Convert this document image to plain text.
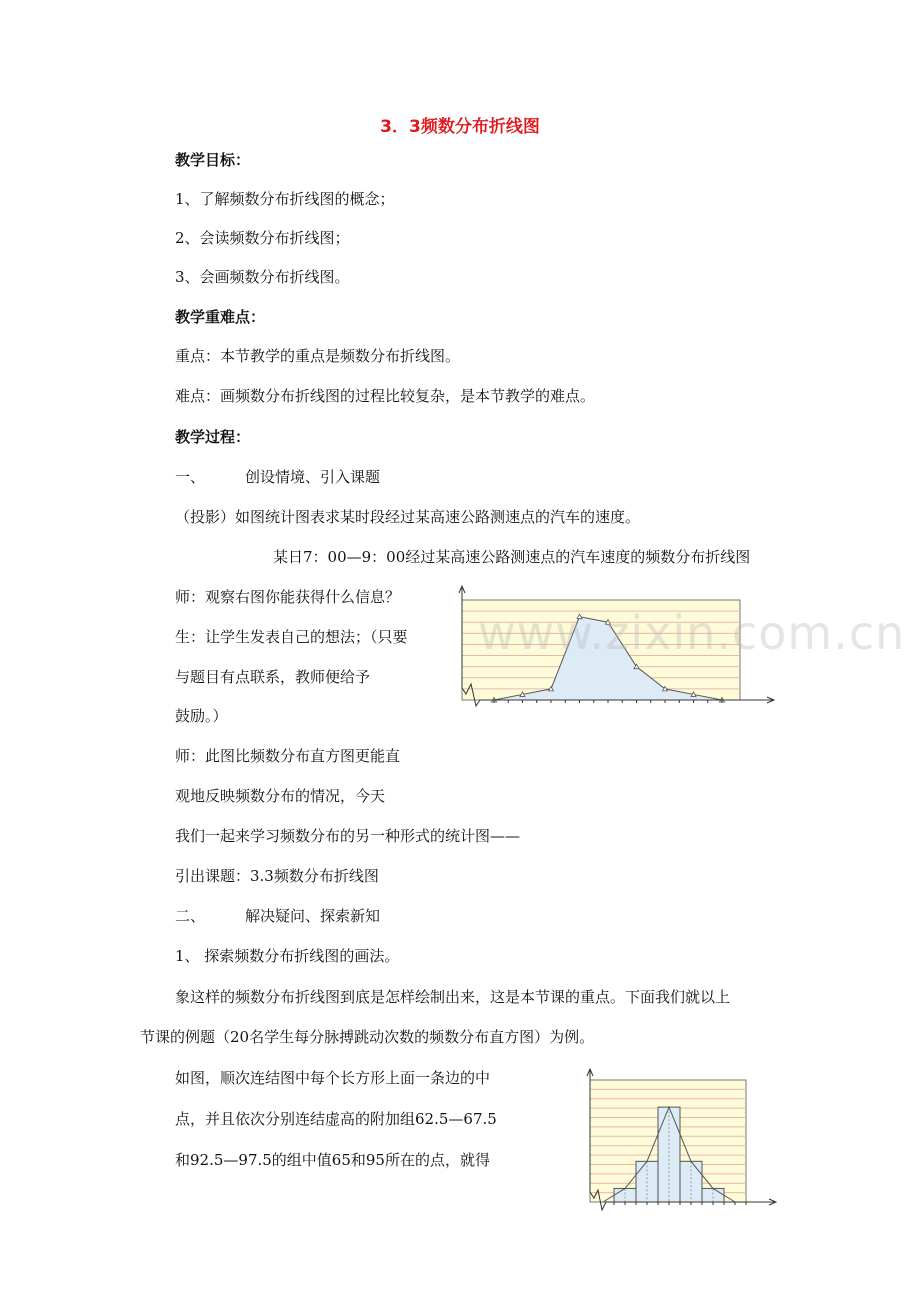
3．3频数分布折线图
教学目标：
1、了解频数分布折线图的概念；
2、会读频数分布折线图；
3、会画频数分布折线图。
教学重难点：
重点：本节教学的重点是频数分布折线图。
难点：画频数分布折线图的过程比较复杂，是本节教学的难点。
教学过程：
一、	创设情境、引入课题
（投影）如图统计图表求某时段经过某高速公路测速点的汽车的速度。
某日7：00—9：00经过某高速公路测速点的汽车速度的频数分布折线图
师：观察右图你能获得什么信息？
生：让学生发表自己的想法；（只要
与题目有点联系，教师便给予
鼓励。）
师：此图比频数分布直方图更能直
观地反映频数分布的情况，今天
我们一起来学习频数分布的另一种形式的统计图——
引出课题：3.3频数分布折线图
二、	解决疑问、探索新知
1、 探索频数分布折线图的画法。
象这样的频数分布折线图到底是怎样绘制出来，这是本节课的重点。下面我们就以上
节课的例题（20名学生每分脉搏跳动次数的频数分布直方图）为例。
如图，顺次连结图中每个长方形上面一条边的中
点，并且依次分别连结虚高的附加组62.5—67.5
和92.5—97.5的组中值65和95所在的点，就得
www.zixin.com.cn
